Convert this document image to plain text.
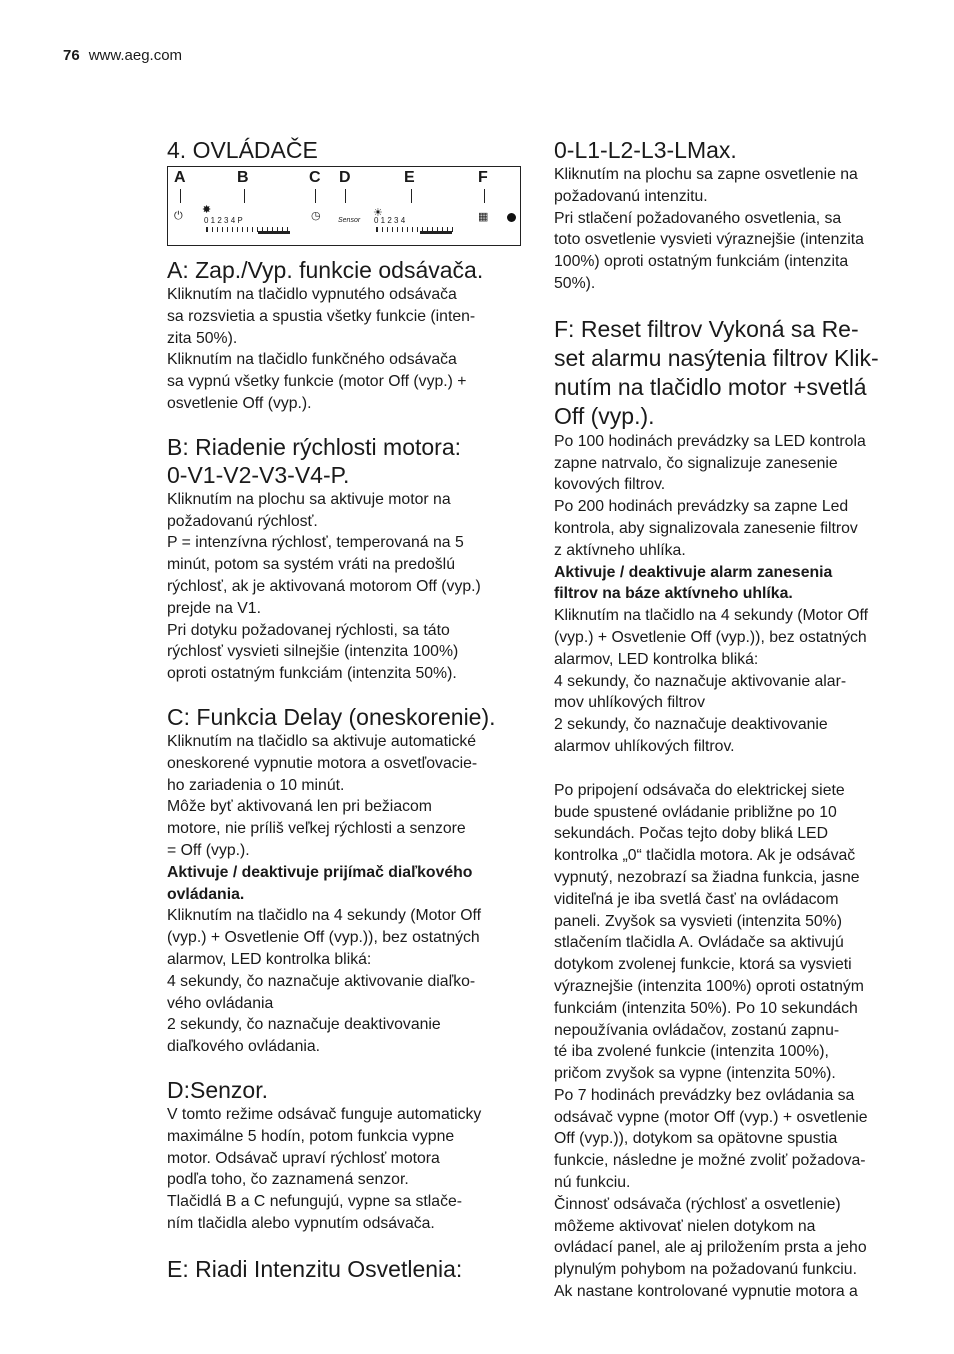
76 www.aeg.com
4. OVLÁDAČE
A	B	C D	E	F
⏻ ✸
0 1 2 3 4 P	◷ Sensor
☀
0 1 2 3 4	▦
A: Zap./Vyp. funkcie odsávača.

Kliknutím na tlačidlo vypnutého odsávača
sa rozsvietia a spustia všetky funkcie (inten-
zita 50%).
Kliknutím na tlačidlo funkčného odsávača
sa vypnú všetky funkcie (motor Off (vyp.) +
osvetlenie Off (vyp.).

B: Riadenie rýchlosti motora:
0-V1-V2-V3-V4-P.

Kliknutím na plochu sa aktivuje motor na
požadovanú rýchlosť.
P = intenzívna rýchlosť, temperovaná na 5
minút, potom sa systém vráti na predošlú
rýchlosť, ak je aktivovaná motorom Off (vyp.)
prejde na V1.
Pri dotyku požadovanej rýchlosti, sa táto
rýchlosť vysvieti silnejšie (intenzita 100%)
oproti ostatným funkciám (intenzita 50%).

C: Funkcia Delay (oneskorenie).

Kliknutím na tlačidlo sa aktivuje automatické
oneskorené vypnutie motora a osvetľovacie-
ho zariadenia o 10 minút.
Môže byť aktivovaná len pri bežiacom
motore, nie príliš veľkej rýchlosti a senzore
= Off (vyp.).

Aktivuje / deaktivuje prijímač diaľkového
ovládania.

Kliknutím na tlačidlo na 4 sekundy (Motor Off
(vyp.) + Osvetlenie Off (vyp.)), bez ostatných
alarmov, LED kontrolka bliká:
4 sekundy, čo naznačuje aktivovanie diaľko-
vého ovládania
2 sekundy, čo naznačuje deaktivovanie
diaľkového ovládania.

D:Senzor.

V tomto režime odsávač funguje automaticky
maximálne 5 hodín, potom funkcia vypne
motor. Odsávač upraví rýchlosť motora
podľa toho, čo zaznamená senzor.
Tlačidlá B a C nefungujú, vypne sa stlače-
ním tlačidla alebo vypnutím odsávača.

E: Riadi Intenzitu Osvetlenia:
0-L1-L2-L3-LMax.

Kliknutím na plochu sa zapne osvetlenie na
požadovanú intenzitu.
Pri stlačení požadovaného osvetlenia, sa
toto osvetlenie vysvieti výraznejšie (intenzita
100%) oproti ostatným funkciám (intenzita
50%).

F: Reset filtrov Vykoná sa Re-
set alarmu nasýtenia filtrov Klik-
nutím na tlačidlo motor +svetlá
Off (vyp.).

Po 100 hodinách prevádzky sa LED kontrola
zapne natrvalo, čo signalizuje zanesenie
kovových filtrov.
Po 200 hodinách prevádzky sa zapne Led
kontrola, aby signalizovala zanesenie filtrov
z aktívneho uhlíka.

Aktivuje / deaktivuje alarm zanesenia
filtrov na báze aktívneho uhlíka.

Kliknutím na tlačidlo na 4 sekundy (Motor Off
(vyp.) + Osvetlenie Off (vyp.)), bez ostatných
alarmov, LED kontrolka bliká:
4 sekundy, čo naznačuje aktivovanie alar-
mov uhlíkových filtrov
2 sekundy, čo naznačuje deaktivovanie
alarmov uhlíkových filtrov.

Po pripojení odsávača do elektrickej siete
bude spustené ovládanie približne po 10
sekundách. Počas tejto doby bliká LED
kontrolka „0“ tlačidla motora. Ak je odsávač
vypnutý, nezobrazí sa žiadna funkcia, jasne
viditeľná je iba svetlá časť na ovládacom
paneli. Zvyšok sa vysvieti (intenzita 50%)
stlačením tlačidla A. Ovládače sa aktivujú
dotykom zvolenej funkcie, ktorá sa vysvieti
výraznejšie (intenzita 100%) oproti ostatným
funkciám (intenzita 50%). Po 10 sekundách
nepoužívania ovládačov, zostanú zapnu-
té iba zvolené funkcie (intenzita 100%),
pričom zvyšok sa vypne (intenzita 50%).
Po 7 hodinách prevádzky bez ovládania sa
odsávač vypne (motor Off (vyp.) + osvetlenie
Off (vyp.)), dotykom sa opätovne spustia
funkcie, následne je možné zvoliť požadova-
nú funkciu.
Činnosť odsávača (rýchlosť a osvetlenie)
môžeme aktivovať nielen dotykom na
ovládací panel, ale aj priložením prsta a jeho
plynulým pohybom na požadovanú funkciu.
Ak nastane kontrolované vypnutie motora a
